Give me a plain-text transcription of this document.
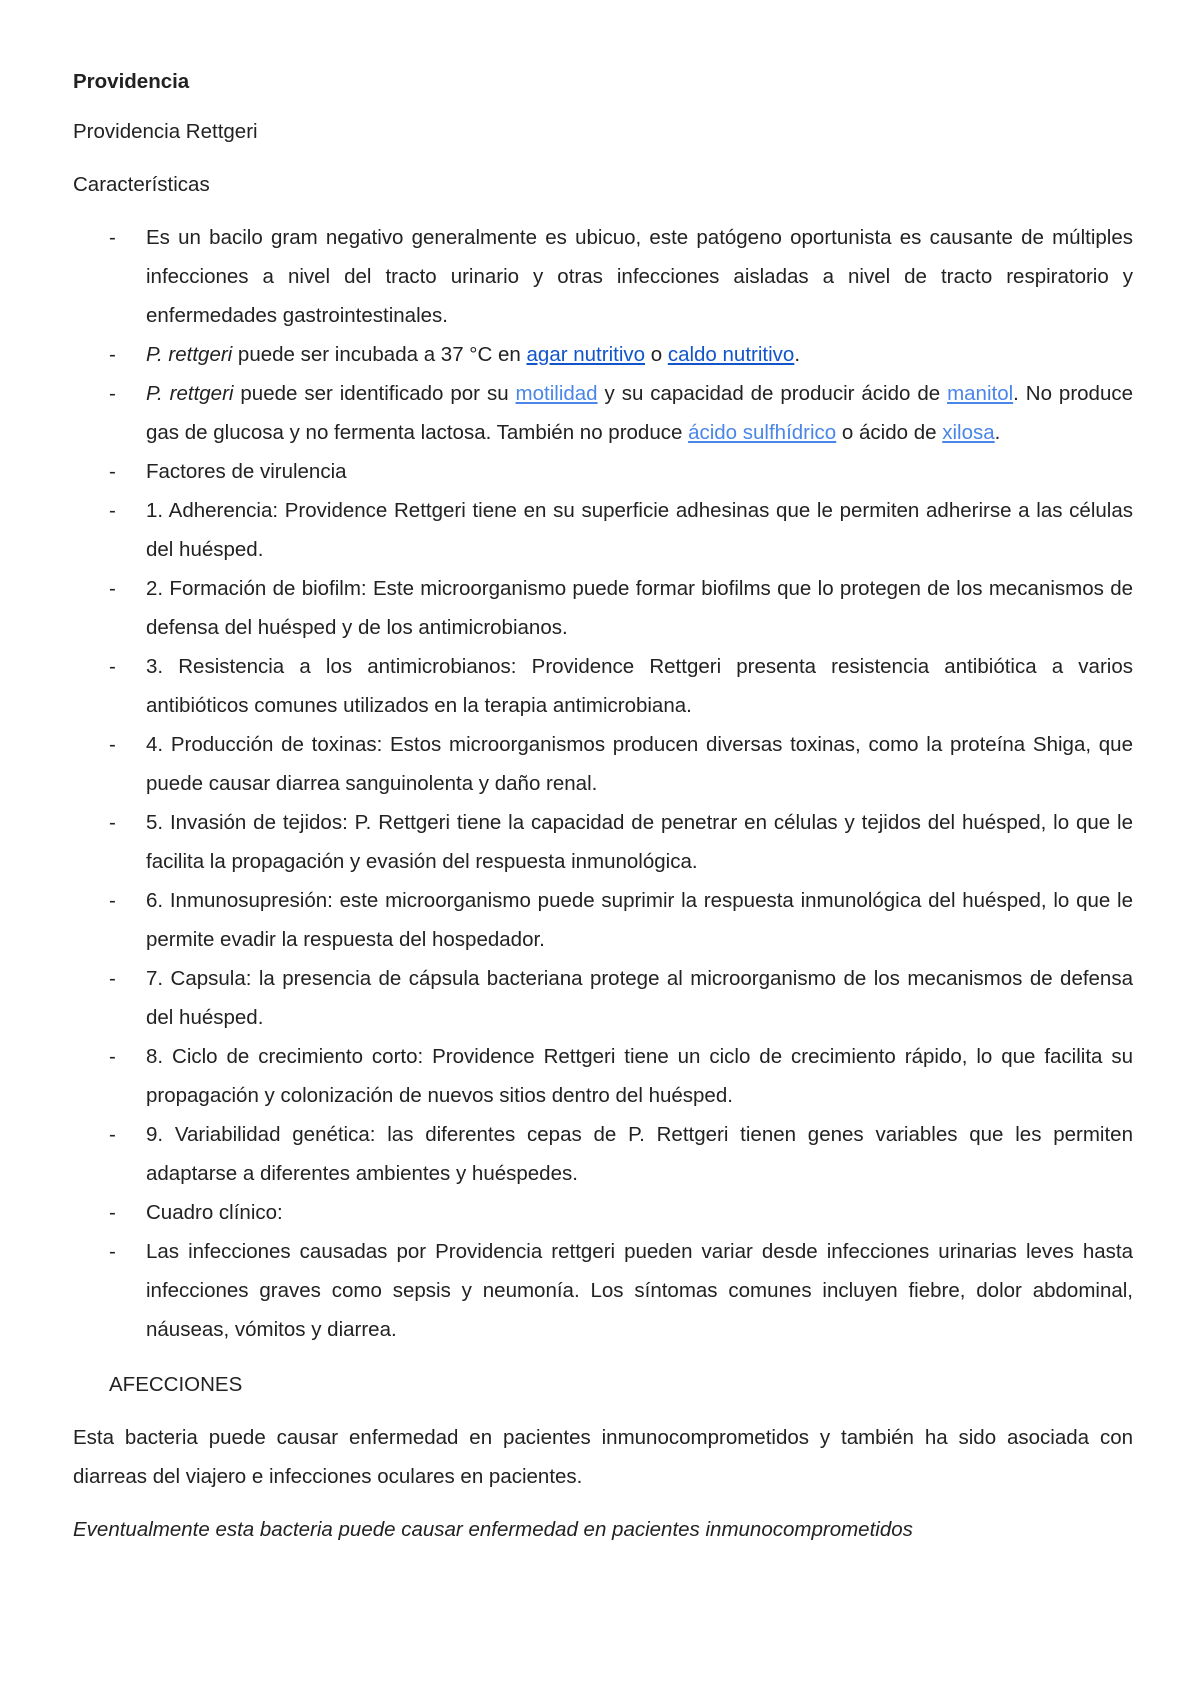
Providencia
Providencia Rettgeri
Características
- Es un bacilo gram negativo generalmente es ubicuo, este patógeno oportunista es causante de múltiples infecciones a nivel del tracto urinario y otras infecciones aisladas a nivel de tracto respiratorio y enfermedades gastrointestinales.
- P. rettgeri puede ser incubada a 37 °C en agar nutritivo o caldo nutritivo.
- P. rettgeri puede ser identificado por su motilidad y su capacidad de producir ácido de manitol. No produce gas de glucosa y no fermenta lactosa. También no produce ácido sulfhídrico o ácido de xilosa.
- Factores de virulencia
- 1. Adherencia: Providence Rettgeri tiene en su superficie adhesinas que le permiten adherirse a las células del huésped.
- 2. Formación de biofilm: Este microorganismo puede formar biofilms que lo protegen de los mecanismos de defensa del huésped y de los antimicrobianos.
- 3. Resistencia a los antimicrobianos: Providence Rettgeri presenta resistencia antibiótica a varios antibióticos comunes utilizados en la terapia antimicrobiana.
- 4. Producción de toxinas: Estos microorganismos producen diversas toxinas, como la proteína Shiga, que puede causar diarrea sanguinolenta y daño renal.
- 5. Invasión de tejidos: P. Rettgeri tiene la capacidad de penetrar en células y tejidos del huésped, lo que le facilita la propagación y evasión del respuesta inmunológica.
- 6. Inmunosupresión: este microorganismo puede suprimir la respuesta inmunológica del huésped, lo que le permite evadir la respuesta del hospedador.
- 7. Capsula: la presencia de cápsula bacteriana protege al microorganismo de los mecanismos de defensa del huésped.
- 8. Ciclo de crecimiento corto: Providence Rettgeri tiene un ciclo de crecimiento rápido, lo que facilita su propagación y colonización de nuevos sitios dentro del huésped.
- 9. Variabilidad genética: las diferentes cepas de P. Rettgeri tienen genes variables que les permiten adaptarse a diferentes ambientes y huéspedes.
- Cuadro clínico:
- Las infecciones causadas por Providencia rettgeri pueden variar desde infecciones urinarias leves hasta infecciones graves como sepsis y neumonía. Los síntomas comunes incluyen fiebre, dolor abdominal, náuseas, vómitos y diarrea.
AFECCIONES
Esta bacteria puede causar enfermedad en pacientes inmunocomprometidos y también ha sido asociada con diarreas del viajero e infecciones oculares en pacientes.
Eventualmente esta bacteria puede causar enfermedad en pacientes inmunocomprometidos
